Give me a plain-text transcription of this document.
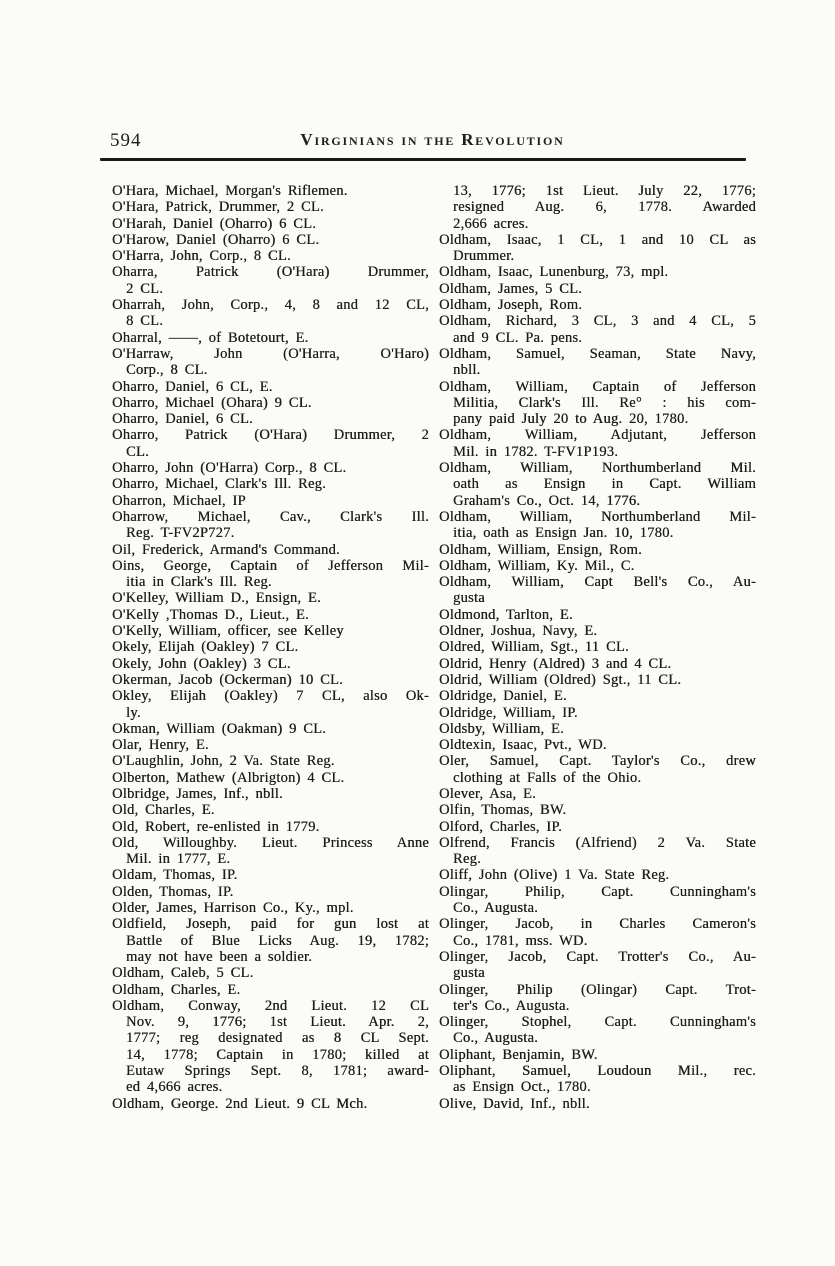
594	Virginians in the Revolution
O'Hara, Michael, Morgan's Riflemen.
O'Hara, Patrick, Drummer, 2 CL.
O'Harah, Daniel (Oharro) 6 CL.
O'Harow, Daniel (Oharro) 6 CL.
O'Harra, John, Corp., 8 CL.
Oharra, Patrick (O'Hara) Drummer,
2 CL.
Oharrah, John, Corp., 4, 8 and 12 CL,
8 CL.
Oharral, ——, of Botetourt, E.
O'Harraw, John (O'Harra, O'Haro)
Corp., 8 CL.
Oharro, Daniel, 6 CL, E.
Oharro, Michael (Ohara) 9 CL.
Oharro, Daniel, 6 CL.
Oharro, Patrick (O'Hara) Drummer, 2
CL.
Oharro, John (O'Harra) Corp., 8 CL.
Oharro, Michael, Clark's Ill. Reg.
Oharron, Michael, IP
Oharrow, Michael, Cav., Clark's Ill.
Reg. T-FV2P727.
Oil, Frederick, Armand's Command.
Oins, George, Captain of Jefferson Mil-
itia in Clark's Ill. Reg.
O'Kelley, William D., Ensign, E.
O'Kelly ,Thomas D., Lieut., E.
O'Kelly, William, officer, see Kelley
Okely, Elijah (Oakley) 7 CL.
Okely, John (Oakley) 3 CL.
Okerman, Jacob (Ockerman) 10 CL.
Okley, Elijah (Oakley) 7 CL, also Ok-
ly.
Okman, William (Oakman) 9 CL.
Olar, Henry, E.
O'Laughlin, John, 2 Va. State Reg.
Olberton, Mathew (Albrigton) 4 CL.
Olbridge, James, Inf., nbll.
Old, Charles, E.
Old, Robert, re-enlisted in 1779.
Old, Willoughby. Lieut. Princess Anne
Mil. in 1777, E.
Oldam, Thomas, IP.
Olden, Thomas, IP.
Older, James, Harrison Co., Ky., mpl.
Oldfield, Joseph, paid for gun lost at
Battle of Blue Licks Aug. 19, 1782;
may not have been a soldier.
Oldham, Caleb, 5 CL.
Oldham, Charles, E.
Oldham, Conway, 2nd Lieut. 12 CL
Nov. 9, 1776; 1st Lieut. Apr. 2,
1777; reg designated as 8 CL Sept.
14, 1778; Captain in 1780; killed at
Eutaw Springs Sept. 8, 1781; award-
ed 4,666 acres.
Oldham, George. 2nd Lieut. 9 CL Mch.
13, 1776; 1st Lieut. July 22, 1776;
resigned Aug. 6, 1778. Awarded
2,666 acres.
Oldham, Isaac, 1 CL, 1 and 10 CL as
Drummer.
Oldham, Isaac, Lunenburg, 73, mpl.
Oldham, James, 5 CL.
Oldham, Joseph, Rom.
Oldham, Richard, 3 CL, 3 and 4 CL, 5
and 9 CL. Pa. pens.
Oldham, Samuel, Seaman, State Navy,
nbll.
Oldham, William, Captain of Jefferson
Militia, Clark's Ill. Re° : his com-
pany paid July 20 to Aug. 20, 1780.
Oldham, William, Adjutant, Jefferson
Mil. in 1782. T-FV1P193.
Oldham, William, Northumberland Mil.
oath as Ensign in Capt. William
Graham's Co., Oct. 14, 1776.
Oldham, William, Northumberland Mil-
itia, oath as Ensign Jan. 10, 1780.
Oldham, William, Ensign, Rom.
Oldham, William, Ky. Mil., C.
Oldham, William, Capt Bell's Co., Au-
gusta
Oldmond, Tarlton, E.
Oldner, Joshua, Navy, E.
Oldred, William, Sgt., 11 CL.
Oldrid, Henry (Aldred) 3 and 4 CL.
Oldrid, William (Oldred) Sgt., 11 CL.
Oldridge, Daniel, E.
Oldridge, William, IP.
Oldsby, William, E.
Oldtexin, Isaac, Pvt., WD.
Oler, Samuel, Capt. Taylor's Co., drew
clothing at Falls of the Ohio.
Olever, Asa, E.
Olfin, Thomas, BW.
Olford, Charles, IP.
Olfrend, Francis (Alfriend) 2 Va. State
Reg.
Oliff, John (Olive) 1 Va. State Reg.
Olingar, Philip, Capt. Cunningham's
Co., Augusta.
Olinger, Jacob, in Charles Cameron's
Co., 1781, mss. WD.
Olinger, Jacob, Capt. Trotter's Co., Au-
gusta
Olinger, Philip (Olingar) Capt. Trot-
ter's Co., Augusta.
Olinger, Stophel, Capt. Cunningham's
Co., Augusta.
Oliphant, Benjamin, BW.
Oliphant, Samuel, Loudoun Mil., rec.
as Ensign Oct., 1780.
Olive, David, Inf., nbll.
